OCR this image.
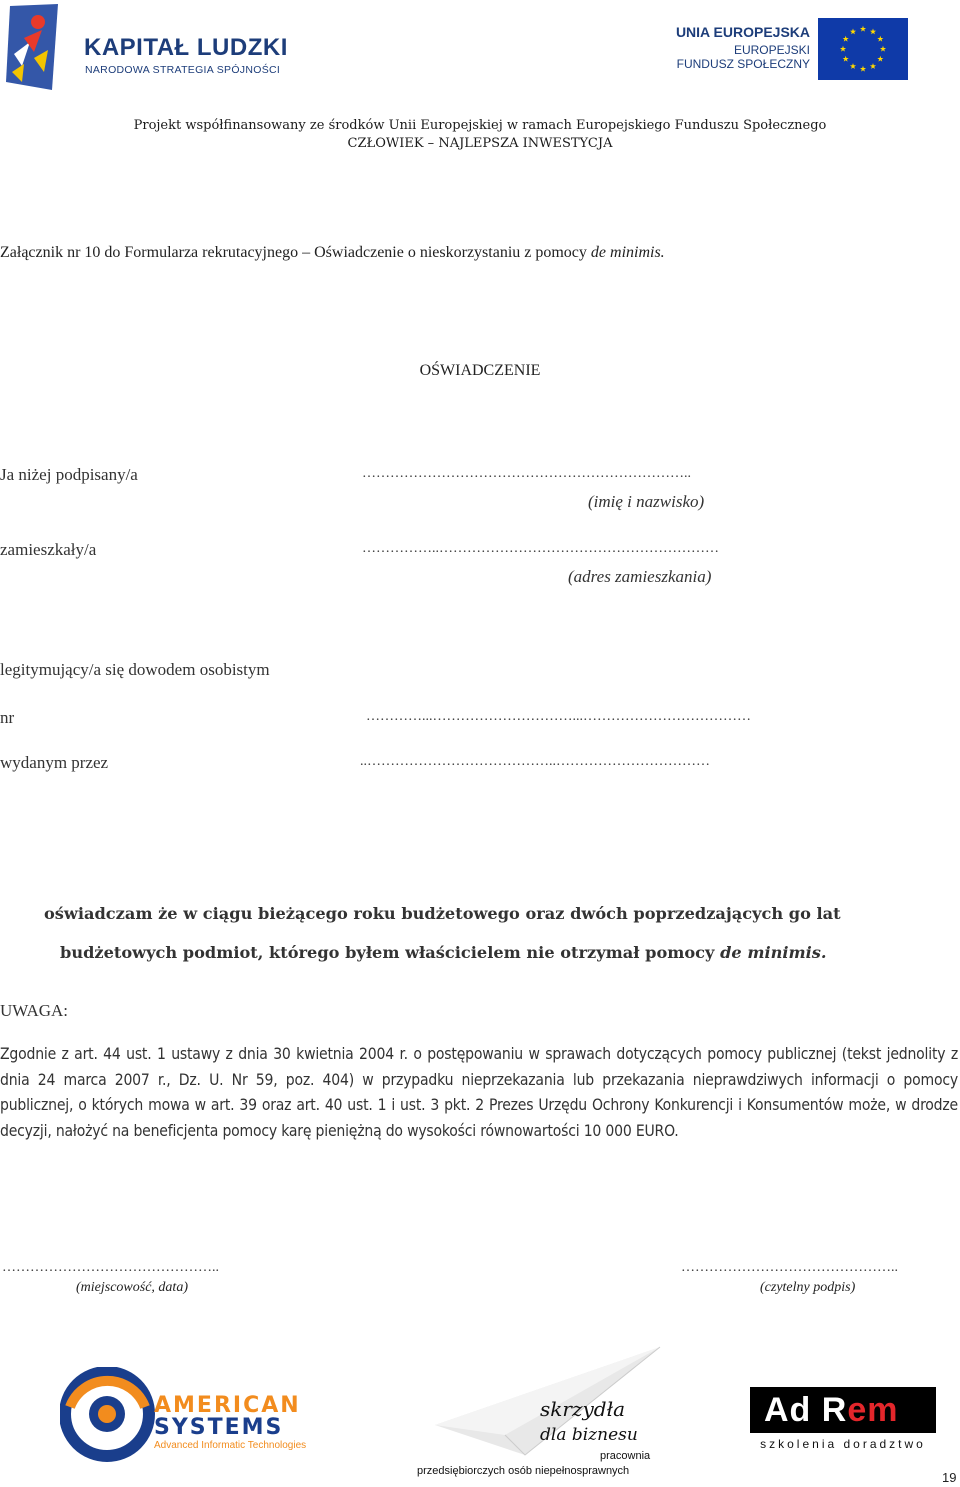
KAPITAŁ LUDZKI
NARODOWA STRATEGIA SPÓJNOŚCI
UNIA EUROPEJSKA
EUROPEJSKI
FUNDUSZ SPOŁECZNY
Projekt współfinansowany ze środków Unii Europejskiej w ramach Europejskiego Funduszu Społecznego
CZŁOWIEK – NAJLEPSZA INWESTYCJA
Załącznik nr 10 do Formularza rekrutacyjnego – Oświadczenie o nieskorzystaniu z pomocy de minimis.
OŚWIADCZENIE
Ja niżej podpisany/a	……………………………………………………………..
(imię i nazwisko)
zamieszkały/a	……………..……………………………………………………
(adres zamieszkania)
legitymujący/a się dowodem osobistym
nr	…………...…………………………...………………………………
wydanym przez	..…………………………………..……………………………
oświadczam że w ciągu bieżącego roku budżetowego oraz dwóch poprzedzających go lat
budżetowych podmiot, którego byłem właścicielem nie otrzymał pomocy de minimis.
UWAGA:
Zgodnie z art. 44 ust. 1 ustawy z dnia 30 kwietnia 2004 r. o postępowaniu w sprawach dotyczących pomocy publicznej (tekst jednolity z dnia 24 marca 2007 r., Dz. U. Nr 59, poz. 404) w przypadku nieprzekazania lub przekazania nieprawdziwych informacji o pomocy publicznej, o których mowa w art. 39 oraz art. 40 ust. 1 i ust. 3 pkt. 2 Prezes Urzędu Ochrony Konkurencji i Konsumentów może, w drodze decyzji, nałożyć na beneficjenta pomocy karę pieniężną do wysokości równowartości 10 000 EURO.
………………………………………..
(miejscowość, data)
………………………………………..
(czytelny podpis)
AMERICAN
SYSTEMS
Advanced Informatic Technologies
skrzydła
dla biznesu
pracownia
przedsiębiorczych osób niepełnosprawnych
Ad Rem
szkolenia doradztwo
19
